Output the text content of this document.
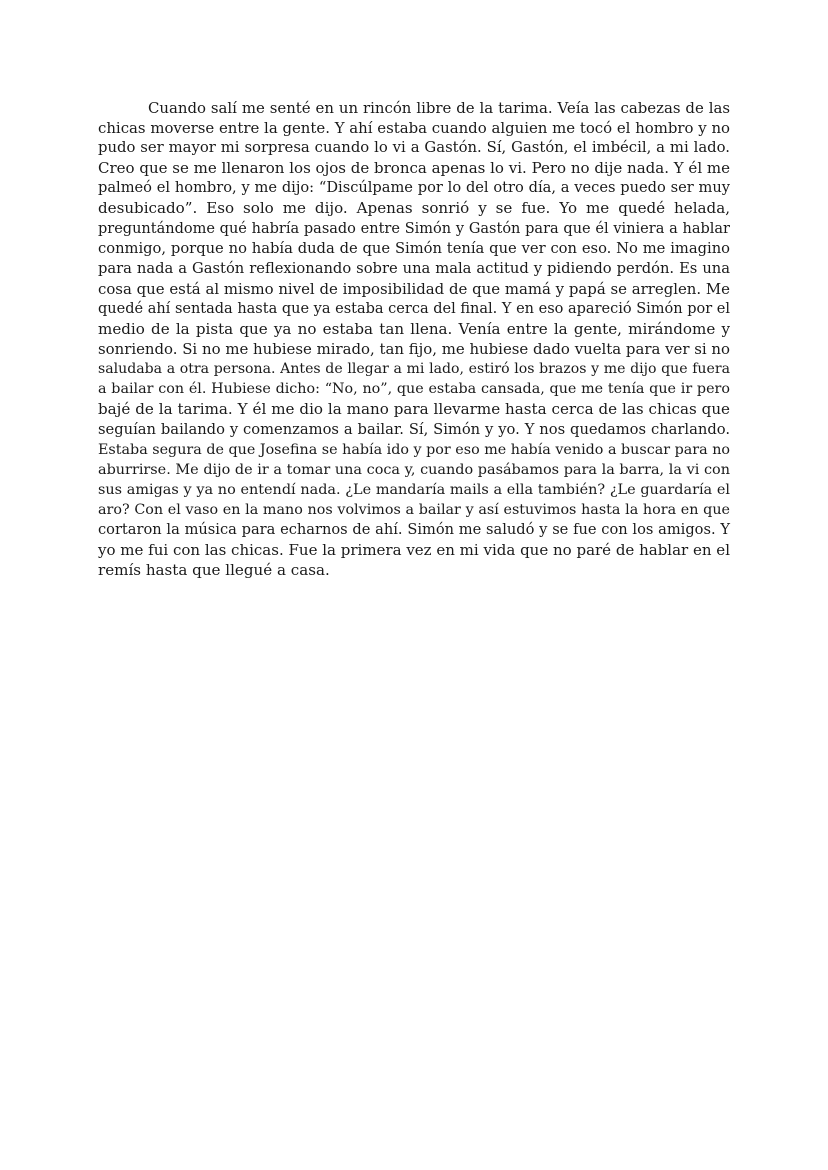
Cuando salí me senté en un rincón libre de la tarima. Veía las cabezas de las
chicas moverse entre la gente. Y ahí estaba cuando alguien me tocó el hombro y no
pudo ser mayor mi sorpresa cuando lo vi a Gastón. Sí, Gastón, el imbécil, a mi lado.
Creo que se me llenaron los ojos de bronca apenas lo vi. Pero no dije nada. Y él me
palmeó el hombro, y me dijo: “Discúlpame por lo del otro día, a veces puedo ser muy
desubicado”. Eso solo me dijo. Apenas sonrió y se fue. Yo me quedé helada,
preguntándome qué habría pasado entre Simón y Gastón para que él viniera a hablar
conmigo, porque no había duda de que Simón tenía que ver con eso. No me imagino
para nada a Gastón reflexionando sobre una mala actitud y pidiendo perdón. Es una
cosa que está al mismo nivel de imposibilidad de que mamá y papá se arreglen. Me
quedé ahí sentada hasta que ya estaba cerca del final. Y en eso apareció Simón por el
medio de la pista que ya no estaba tan llena. Venía entre la gente, mirándome y
sonriendo. Si no me hubiese mirado, tan fijo, me hubiese dado vuelta para ver si no
saludaba a otra persona. Antes de llegar a mi lado, estiró los brazos y me dijo que fuera
a bailar con él. Hubiese dicho: “No, no”, que estaba cansada, que me tenía que ir pero
bajé de la tarima. Y él me dio la mano para llevarme hasta cerca de las chicas que
seguían bailando y comenzamos a bailar. Sí, Simón y yo. Y nos quedamos charlando.
Estaba segura de que Josefina se había ido y por eso me había venido a buscar para no
aburrirse. Me dijo de ir a tomar una coca y, cuando pasábamos para la barra, la vi con
sus amigas y ya no entendí nada. ¿Le mandaría mails a ella también? ¿Le guardaría el
aro? Con el vaso en la mano nos volvimos a bailar y así estuvimos hasta la hora en que
cortaron la música para echarnos de ahí. Simón me saludó y se fue con los amigos. Y
yo me fui con las chicas. Fue la primera vez en mi vida que no paré de hablar en el
remís hasta que llegué a casa.
